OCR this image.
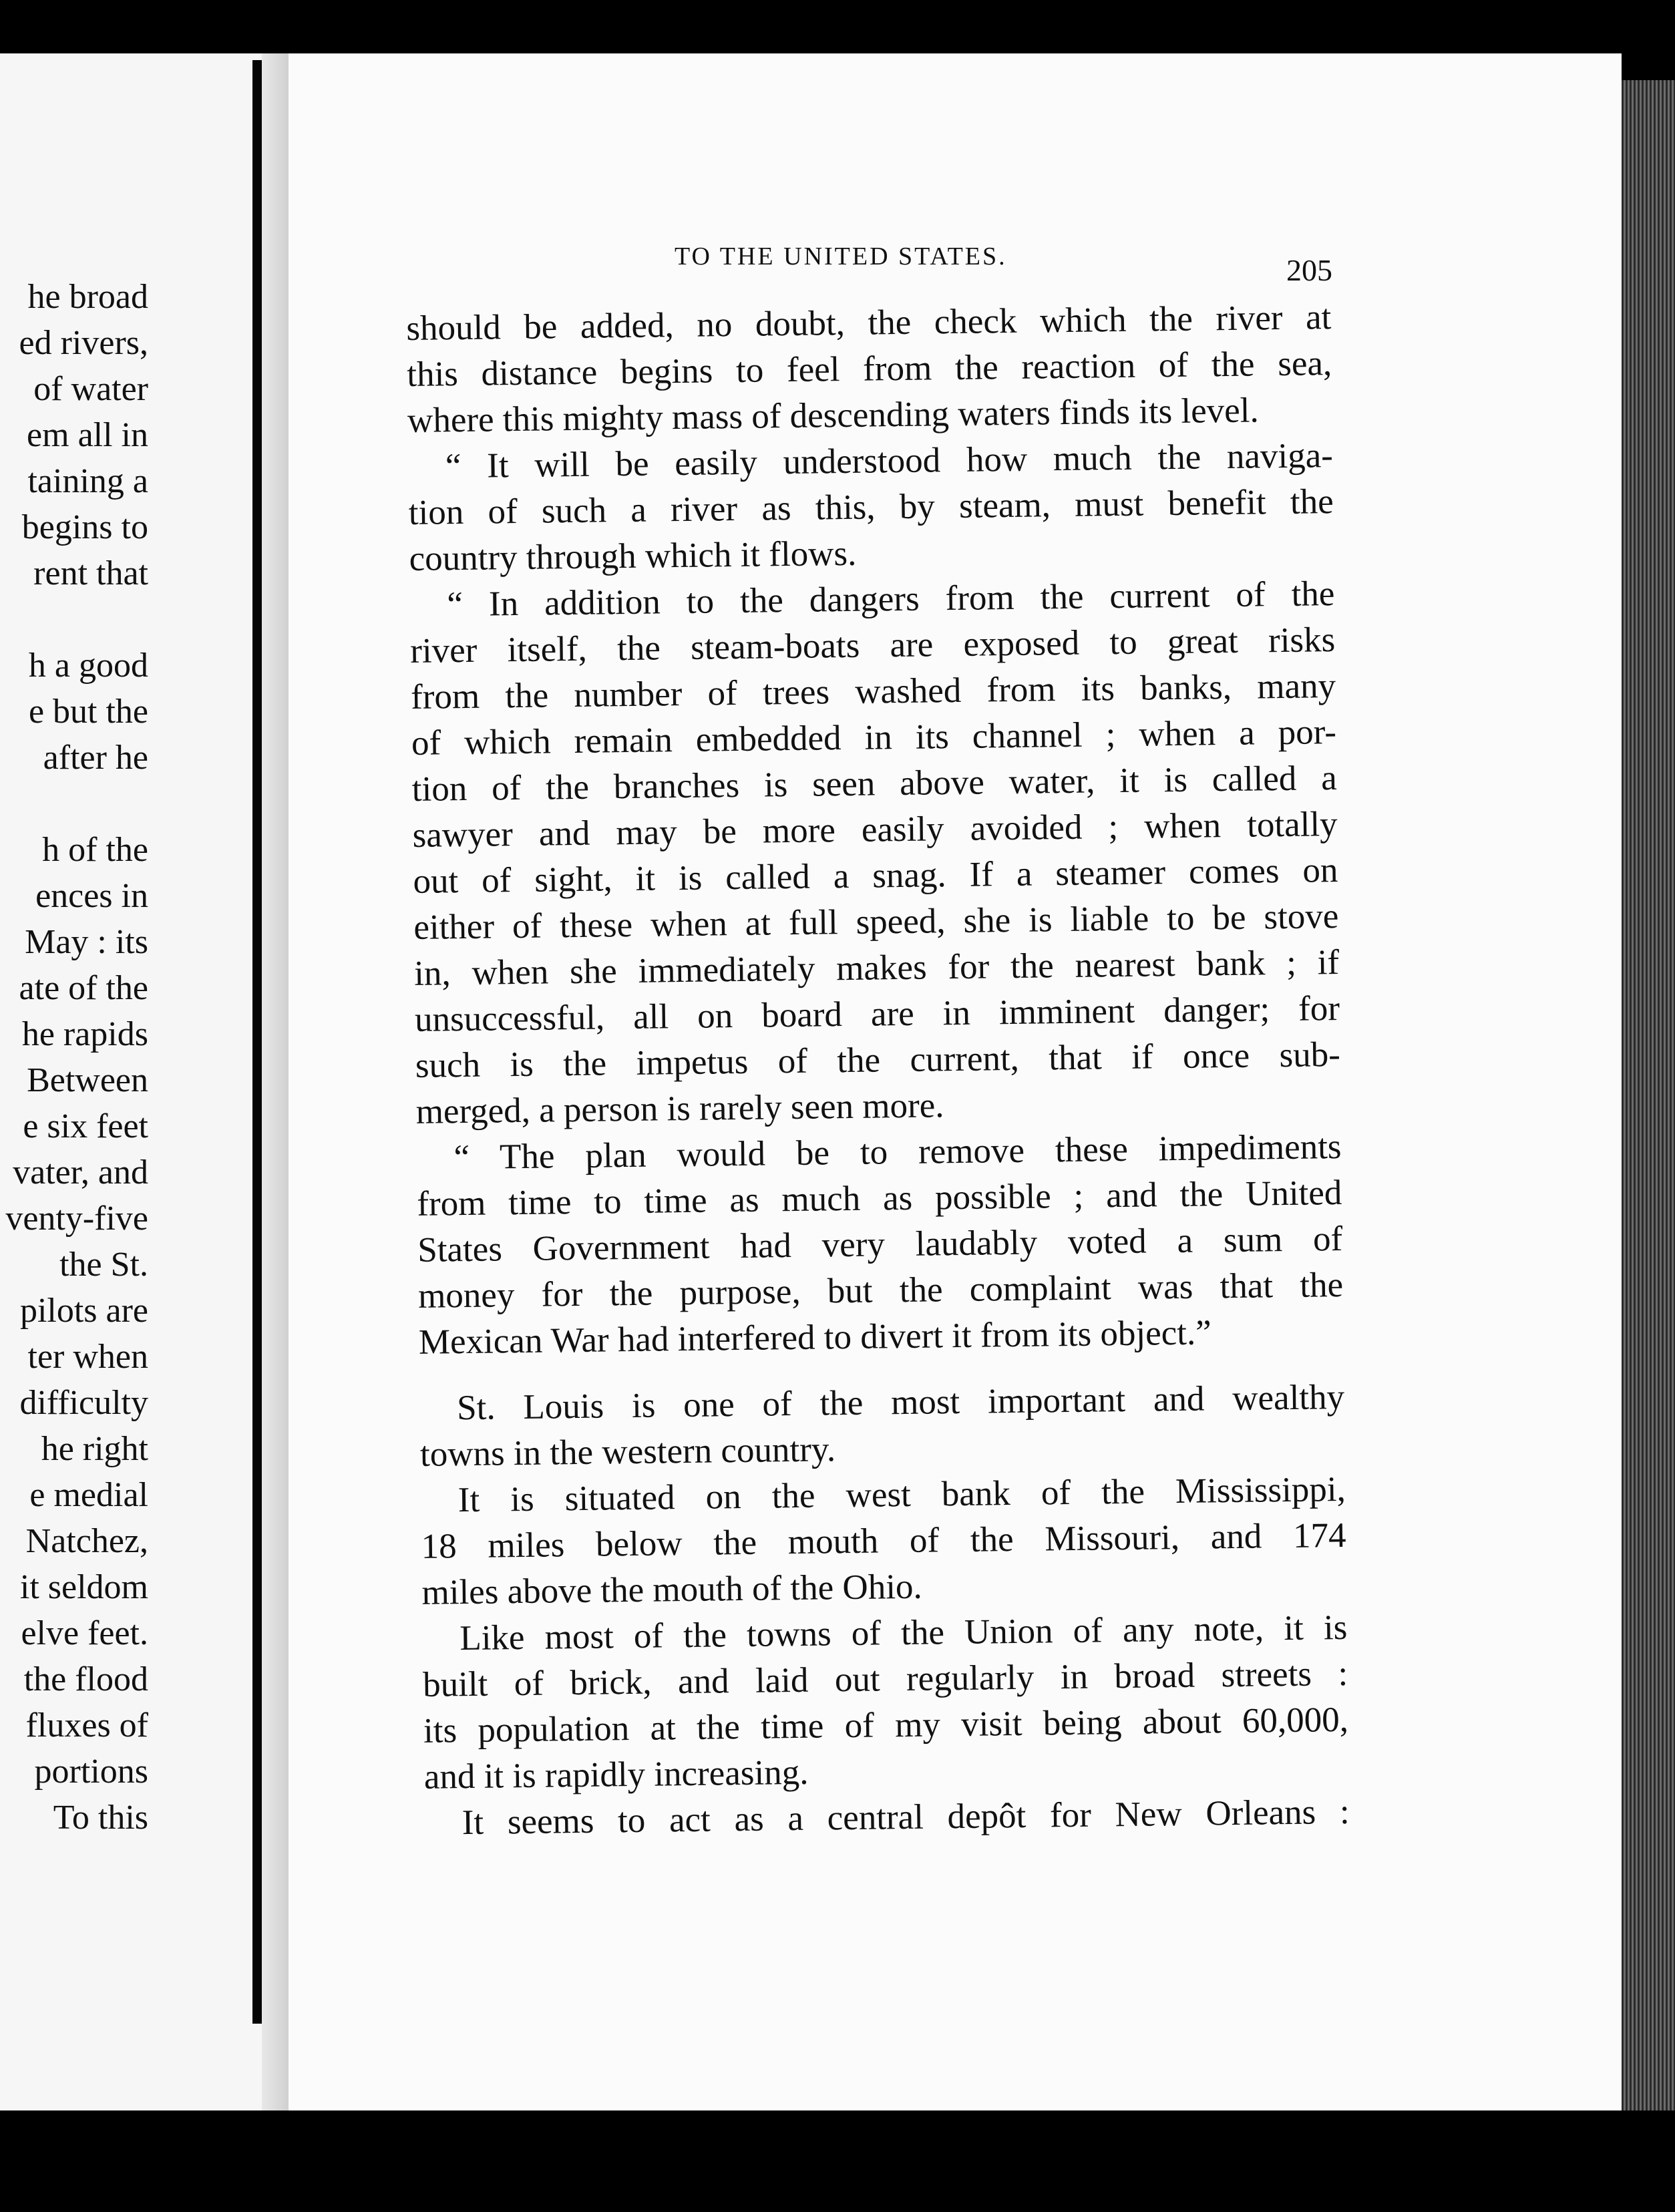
he broad
ed rivers,
of water
em all in
taining a
begins to
rent that
h a good
e but the
after he
h of the
ences in
May : its
ate of the
he rapids
Between
e six feet
vater, and
venty-five
the St.
pilots are
ter when
difficulty
he right
e medial
Natchez,
it seldom
elve feet.
the flood
fluxes of
portions
To this
TO THE UNITED STATES.	205
should be added, no doubt, the check which the river at
this distance begins to feel from the reaction of the sea,
where this mighty mass of descending waters finds its level.
“ It will be easily understood how much the naviga-
tion of such a river as this, by steam, must benefit the
country through which it flows.
“ In addition to the dangers from the current of the
river itself, the steam-boats are exposed to great risks
from the number of trees washed from its banks, many
of which remain embedded in its channel ; when a por-
tion of the branches is seen above water, it is called a
sawyer and may be more easily avoided ; when totally
out of sight, it is called a snag. If a steamer comes on
either of these when at full speed, she is liable to be stove
in, when she immediately makes for the nearest bank ; if
unsuccessful, all on board are in imminent danger; for
such is the impetus of the current, that if once sub-
merged, a person is rarely seen more.
“ The plan would be to remove these impediments
from time to time as much as possible ; and the United
States Government had very laudably voted a sum of
money for the purpose, but the complaint was that the
Mexican War had interfered to divert it from its object.”
St. Louis is one of the most important and wealthy
towns in the western country.
It is situated on the west bank of the Mississippi,
18 miles below the mouth of the Missouri, and 174
miles above the mouth of the Ohio.
Like most of the towns of the Union of any note, it is
built of brick, and laid out regularly in broad streets :
its population at the time of my visit being about 60,000,
and it is rapidly increasing.
It seems to act as a central depôt for New Orleans :
